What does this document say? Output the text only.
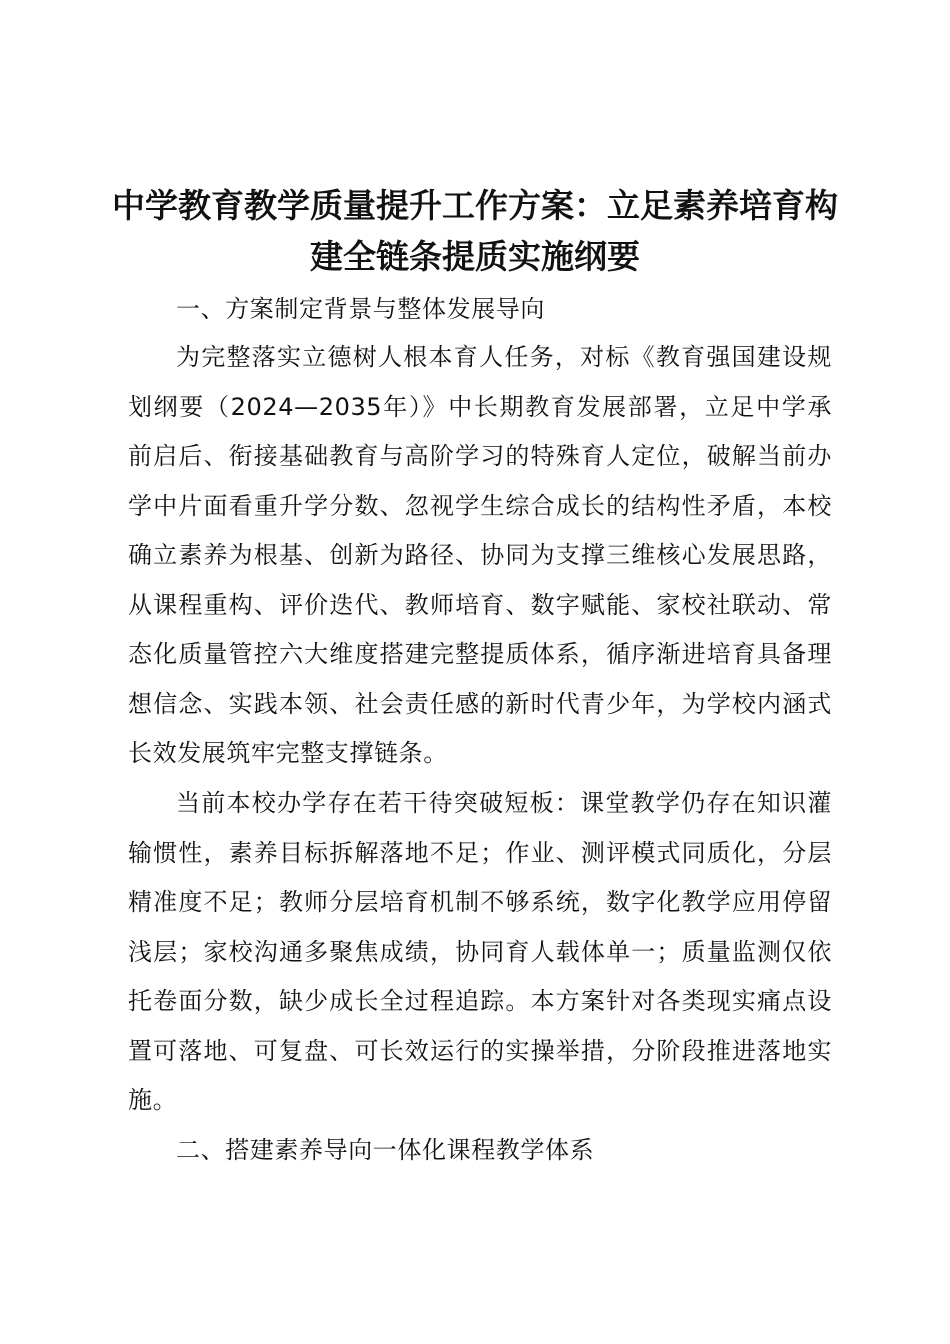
中学教育教学质量提升工作方案：立足素养培育构建全链条提质实施纲要

一、方案制定背景与整体发展导向

为完整落实立德树人根本育人任务，对标《教育强国建设规划纲要（2024—2035年）》中长期教育发展部署，立足中学承前启后、衔接基础教育与高阶学习的特殊育人定位，破解当前办学中片面看重升学分数、忽视学生综合成长的结构性矛盾，本校确立素养为根基、创新为路径、协同为支撑三维核心发展思路，从课程重构、评价迭代、教师培育、数字赋能、家校社联动、常态化质量管控六大维度搭建完整提质体系，循序渐进培育具备理想信念、实践本领、社会责任感的新时代青少年，为学校内涵式长效发展筑牢完整支撑链条。

当前本校办学存在若干待突破短板：课堂教学仍存在知识灌输惯性，素养目标拆解落地不足；作业、测评模式同质化，分层精准度不足；教师分层培育机制不够系统，数字化教学应用停留浅层；家校沟通多聚焦成绩，协同育人载体单一；质量监测仅依托卷面分数，缺少成长全过程追踪。本方案针对各类现实痛点设置可落地、可复盘、可长效运行的实操举措，分阶段推进落地实施。

二、搭建素养导向一体化课程教学体系
